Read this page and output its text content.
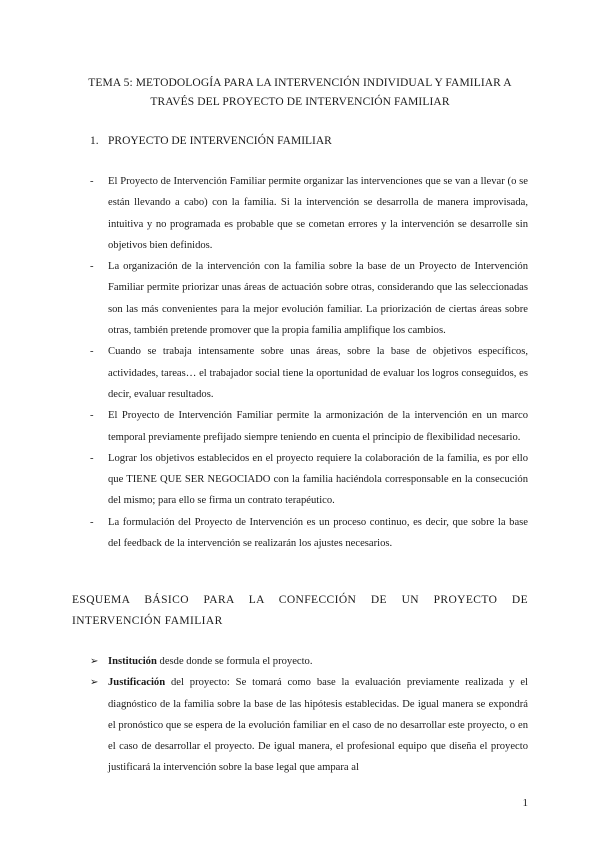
TEMA 5: METODOLOGÍA PARA LA INTERVENCIÓN INDIVIDUAL Y FAMILIAR A
TRAVÉS DEL PROYECTO DE INTERVENCIÓN FAMILIAR
1. PROYECTO DE INTERVENCIÓN FAMILIAR
- El Proyecto de Intervención Familiar permite organizar las intervenciones que se van a llevar (o se están llevando a cabo) con la familia. Si la intervención se desarrolla de manera improvisada, intuitiva y no programada es probable que se cometan errores y la intervención se desarrolle sin objetivos bien definidos.
- La organización de la intervención con la familia sobre la base de un Proyecto de Intervención Familiar permite priorizar unas áreas de actuación sobre otras, considerando que las seleccionadas son las más convenientes para la mejor evolución familiar. La priorización de ciertas áreas sobre otras, también pretende promover que la propia familia amplifique los cambios.
- Cuando se trabaja intensamente sobre unas áreas, sobre la base de objetivos específicos, actividades, tareas… el trabajador social tiene la oportunidad de evaluar los logros conseguidos, es decir, evaluar resultados.
- El Proyecto de Intervención Familiar permite la armonización de la intervención en un marco temporal previamente prefijado siempre teniendo en cuenta el principio de flexibilidad necesario.
- Lograr los objetivos establecidos en el proyecto requiere la colaboración de la familia, es por ello que TIENE QUE SER NEGOCIADO con la familia haciéndola corresponsable en la consecución del mismo; para ello se firma un contrato terapéutico.
- La formulación del Proyecto de Intervención es un proceso continuo, es decir, que sobre la base del feedback de la intervención se realizarán los ajustes necesarios.
ESQUEMA BÁSICO PARA LA CONFECCIÓN DE UN PROYECTO DE INTERVENCIÓN FAMILIAR
➢ Institución desde donde se formula el proyecto.
➢ Justificación del proyecto: Se tomará como base la evaluación previamente realizada y el diagnóstico de la familia sobre la base de las hipótesis establecidas. De igual manera se expondrá el pronóstico que se espera de la evolución familiar en el caso de no desarrollar este proyecto, o en el caso de desarrollar el proyecto. De igual manera, el profesional equipo que diseña el proyecto justificará la intervención sobre la base legal que ampara al
1
